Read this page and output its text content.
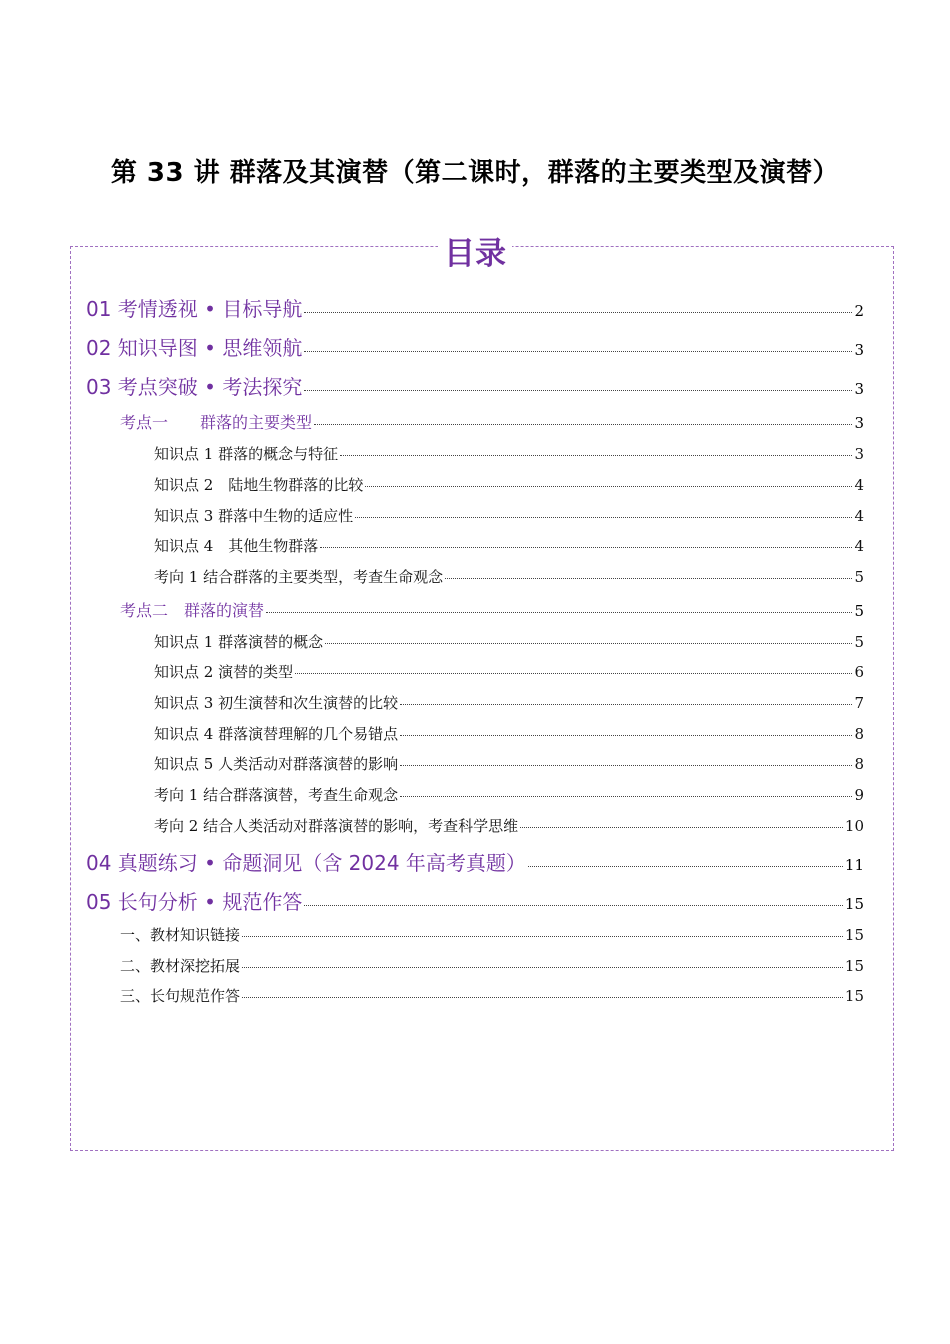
第 33 讲 群落及其演替（第二课时，群落的主要类型及演替）
目录
01 考情透视 • 目标导航	2
02 知识导图 • 思维领航	3
03 考点突破 • 考法探究	3
考点一　　群落的主要类型	3
知识点 1 群落的概念与特征	3
知识点 2　陆地生物群落的比较	4
知识点 3 群落中生物的适应性	4
知识点 4　其他生物群落	4
考向 1 结合群落的主要类型，考查生命观念	5
考点二　群落的演替	5
知识点 1 群落演替的概念	5
知识点 2 演替的类型	6
知识点 3 初生演替和次生演替的比较	7
知识点 4 群落演替理解的几个易错点	8
知识点 5 人类活动对群落演替的影响	8
考向 1 结合群落演替，考查生命观念	9
考向 2 结合人类活动对群落演替的影响，考查科学思维	10
04 真题练习 • 命题洞见（含 2024 年高考真题）	11
05 长句分析 • 规范作答	15
一、教材知识链接	15
二、教材深挖拓展	15
三、长句规范作答	15
